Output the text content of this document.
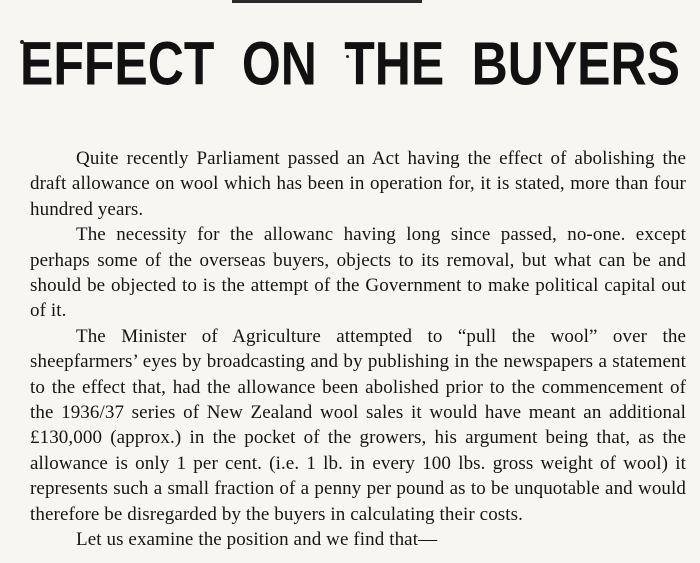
EFFECT ON THE BUYERS

Quite recently Parliament passed an Act having the effect of abolishing the draft allowance on wool which has been in operation for, it is stated, more than four hundred years.

The necessity for the allowanc having long since passed, no-one. except perhaps some of the overseas buyers, objects to its removal, but what can be and should be objected to is the attempt of the Government to make political capital out of it.

The Minister of Agriculture attempted to “pull the wool” over the sheepfarmers’ eyes by broadcasting and by publishing in the newspapers a statement to the effect that, had the allowance been abolished prior to the commencement of the 1936/37 series of New Zealand wool sales it would have meant an additional £130,000 (approx.) in the pocket of the growers, his argument being that, as the allowance is only 1 per cent. (i.e. 1 lb. in every 100 lbs. gross weight of wool) it represents such a small fraction of a penny per pound as to be unquotable and would therefore be disregarded by the buyers in calculating their costs.

Let us examine the position and we find that—
